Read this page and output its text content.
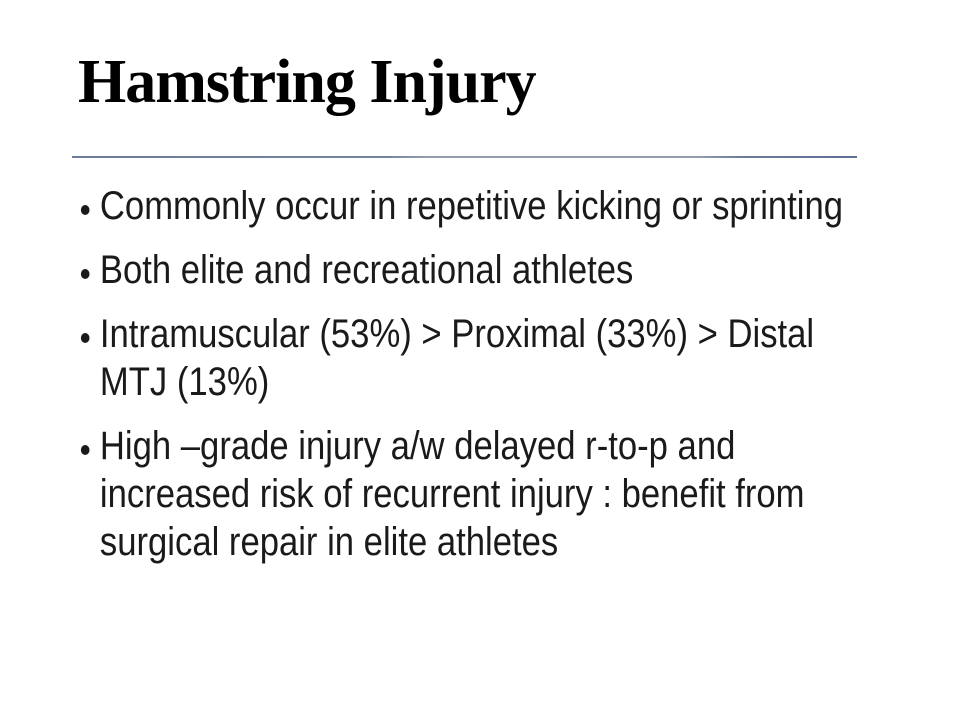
Hamstring Injury
Commonly occur in repetitive kicking or sprinting
Both elite and recreational athletes
Intramuscular (53%) > Proximal (33%) > Distal
MTJ (13%)
High –grade injury a/w delayed r-to-p and
increased risk of recurrent injury : benefit from
surgical repair in elite athletes
